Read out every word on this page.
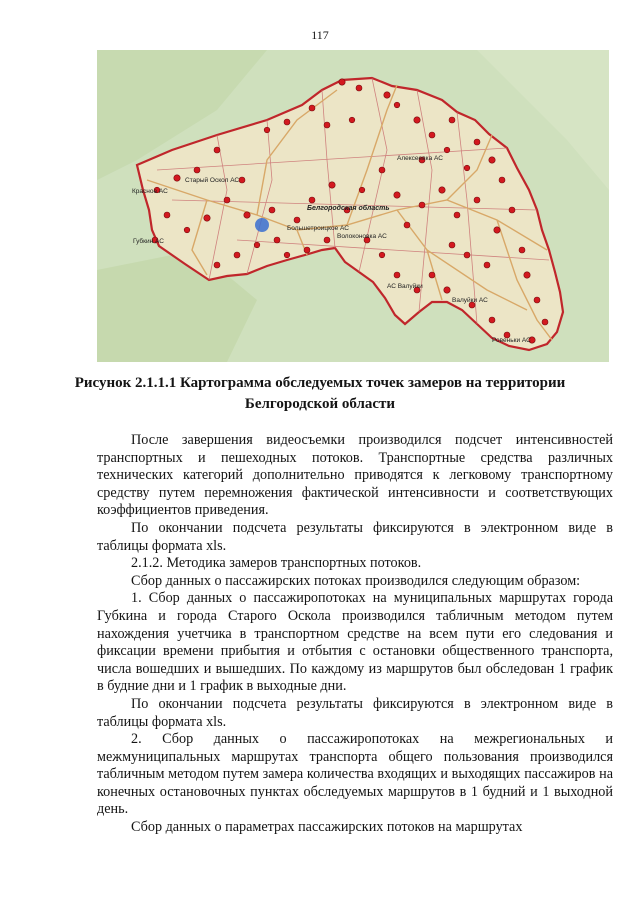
117
Белгородская область
Красное АС
Старый Оскол АС
Губкин АС
Алексеевка АС
Большетроицкое АС
Волоконовка АС
АС Валуйки
Валуйки АС
Ровеньки АС
Рисунок 2.1.1.1 Картограмма обследуемых точек замеров на территории
Белгородской области

После завершения видеосъемки производился подсчет интенсивностей транспортных и пешеходных потоков. Транспортные средства различных технических категорий дополнительно приводятся к легковому транспортному средству путем перемножения фактической интенсивности и соответствующих коэффициентов приведения.

По окончании подсчета результаты фиксируются в электронном виде в таблицы формата xls.

2.1.2. Методика замеров транспортных потоков.

Сбор данных о пассажирских потоках производился следующим образом:

1. Сбор данных о пассажиропотоках на муниципальных маршрутах города Губкина и города Старого Оскола производился табличным методом путем нахождения учетчика в транспортном средстве на всем пути его следования и фиксации времени прибытия и отбытия с остановки общественного транспорта, числа вошедших и вышедших. По каждому из маршрутов был обследован 1 график в будние дни и 1 график в выходные дни.

По окончании подсчета результаты фиксируются в электронном виде в таблицы формата xls.

2. Сбор данных о пассажиропотоках на межрегиональных и межмуниципальных маршрутах транспорта общего пользования производился табличным методом путем замера количества входящих и выходящих пассажиров на конечных остановочных пунктах обследуемых маршрутов в 1 будний и 1 выходной день.

Сбор данных о параметрах пассажирских потоков на маршрутах
